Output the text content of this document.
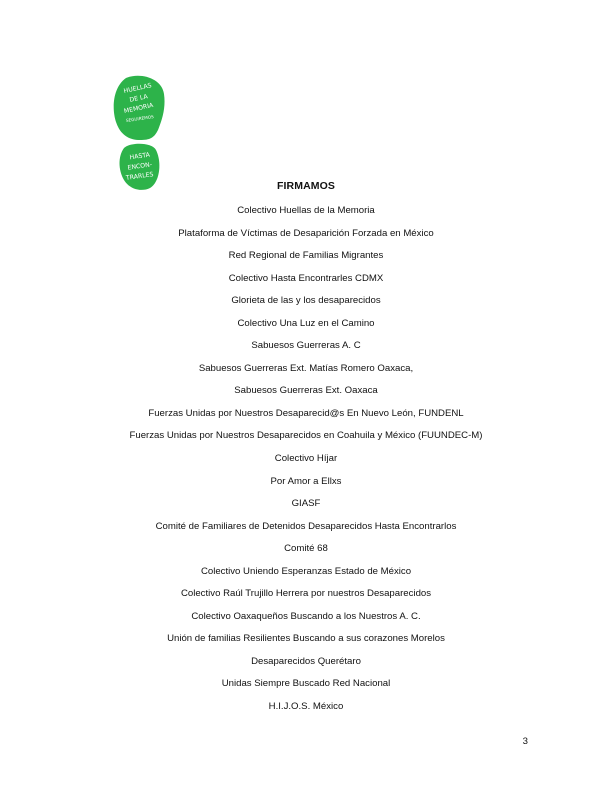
HUELLAS
DE LA
MEMORIA
SEGUIREMOS
HASTA
ENCON-
TRARLES
FIRMAMOS
Colectivo Huellas de la Memoria
Plataforma de Víctimas de Desaparición Forzada en México
Red Regional de Familias Migrantes
Colectivo Hasta Encontrarles CDMX
Glorieta de las y los desaparecidos
Colectivo Una Luz en el Camino
Sabuesos Guerreras A. C
Sabuesos Guerreras Ext. Matías Romero Oaxaca,
Sabuesos Guerreras Ext. Oaxaca
Fuerzas Unidas por Nuestros Desaparecid@s En Nuevo León, FUNDENL
Fuerzas Unidas por Nuestros Desaparecidos en Coahuila y México (FUUNDEC-M)
Colectivo Híjar
Por Amor a Ellxs
GIASF
Comité de Familiares de Detenidos Desaparecidos Hasta Encontrarlos
Comité 68
Colectivo Uniendo Esperanzas Estado de México
Colectivo Raúl Trujillo Herrera por nuestros Desaparecidos
Colectivo Oaxaqueños Buscando a los Nuestros A. C.
Unión de familias Resilientes Buscando a sus corazones Morelos
Desaparecidos Querétaro
Unidas Siempre Buscado Red Nacional
H.I.J.O.S. México
3
